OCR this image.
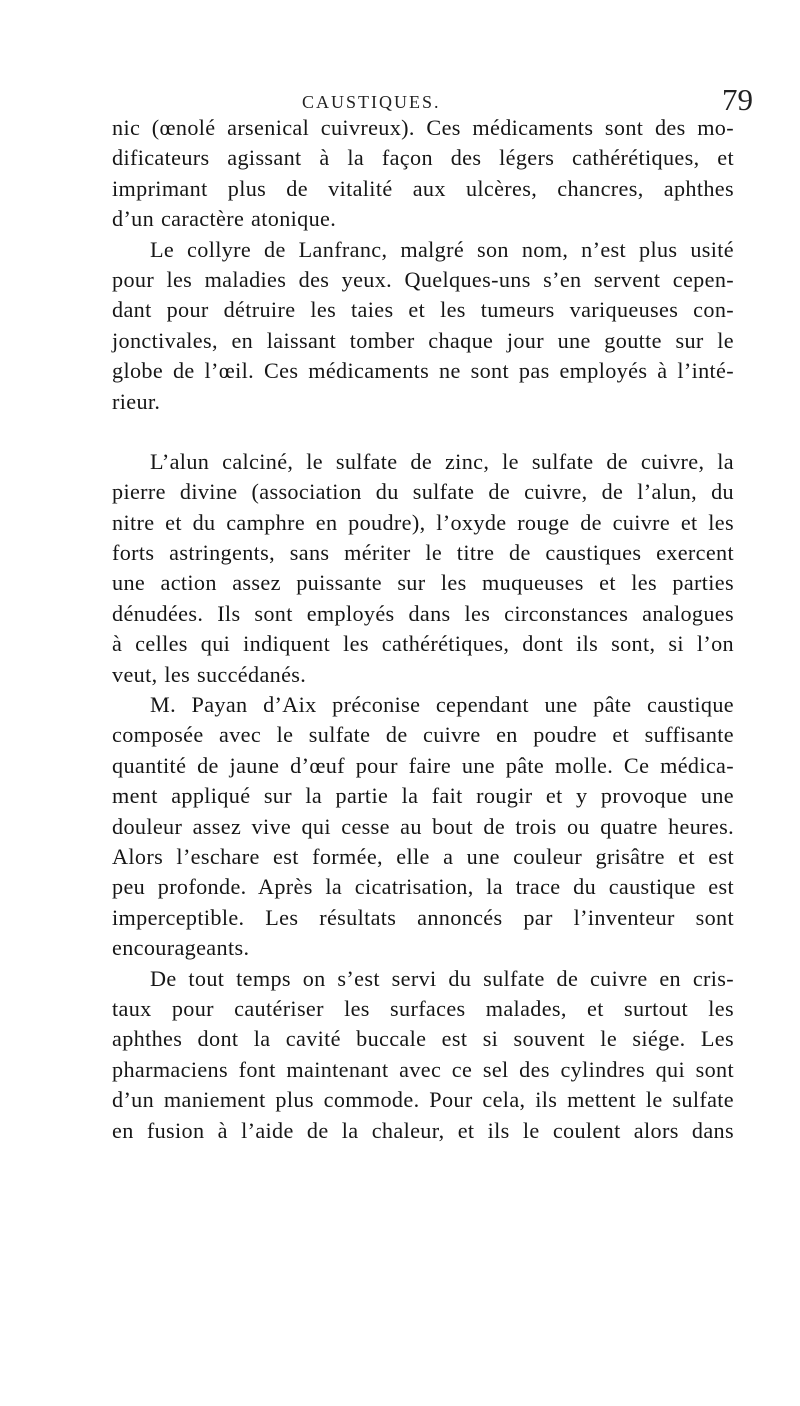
CAUSTIQUES.	79
nic (œnolé arsenical cuivreux). Ces médicaments sont des mo-
dificateurs agissant à la façon des légers cathérétiques, et
imprimant plus de vitalité aux ulcères, chancres, aphthes
d’un caractère atonique.
Le collyre de Lanfranc, malgré son nom, n’est plus usité
pour les maladies des yeux. Quelques-uns s’en servent cepen-
dant pour détruire les taies et les tumeurs variqueuses con-
jonctivales, en laissant tomber chaque jour une goutte sur le
globe de l’œil. Ces médicaments ne sont pas employés à l’inté-
rieur.
L’alun calciné, le sulfate de zinc, le sulfate de cuivre, la
pierre divine (association du sulfate de cuivre, de l’alun, du
nitre et du camphre en poudre), l’oxyde rouge de cuivre et les
forts astringents, sans mériter le titre de caustiques exercent
une action assez puissante sur les muqueuses et les parties
dénudées. Ils sont employés dans les circonstances analogues
à celles qui indiquent les cathérétiques, dont ils sont, si l’on
veut, les succédanés.
M. Payan d’Aix préconise cependant une pâte caustique
composée avec le sulfate de cuivre en poudre et suffisante
quantité de jaune d’œuf pour faire une pâte molle. Ce médica-
ment appliqué sur la partie la fait rougir et y provoque une
douleur assez vive qui cesse au bout de trois ou quatre heures.
Alors l’eschare est formée, elle a une couleur grisâtre et est
peu profonde. Après la cicatrisation, la trace du caustique est
imperceptible. Les résultats annoncés par l’inventeur sont
encourageants.
De tout temps on s’est servi du sulfate de cuivre en cris-
taux pour cautériser les surfaces malades, et surtout les
aphthes dont la cavité buccale est si souvent le siége. Les
pharmaciens font maintenant avec ce sel des cylindres qui sont
d’un maniement plus commode. Pour cela, ils mettent le sulfate
en fusion à l’aide de la chaleur, et ils le coulent alors dans
